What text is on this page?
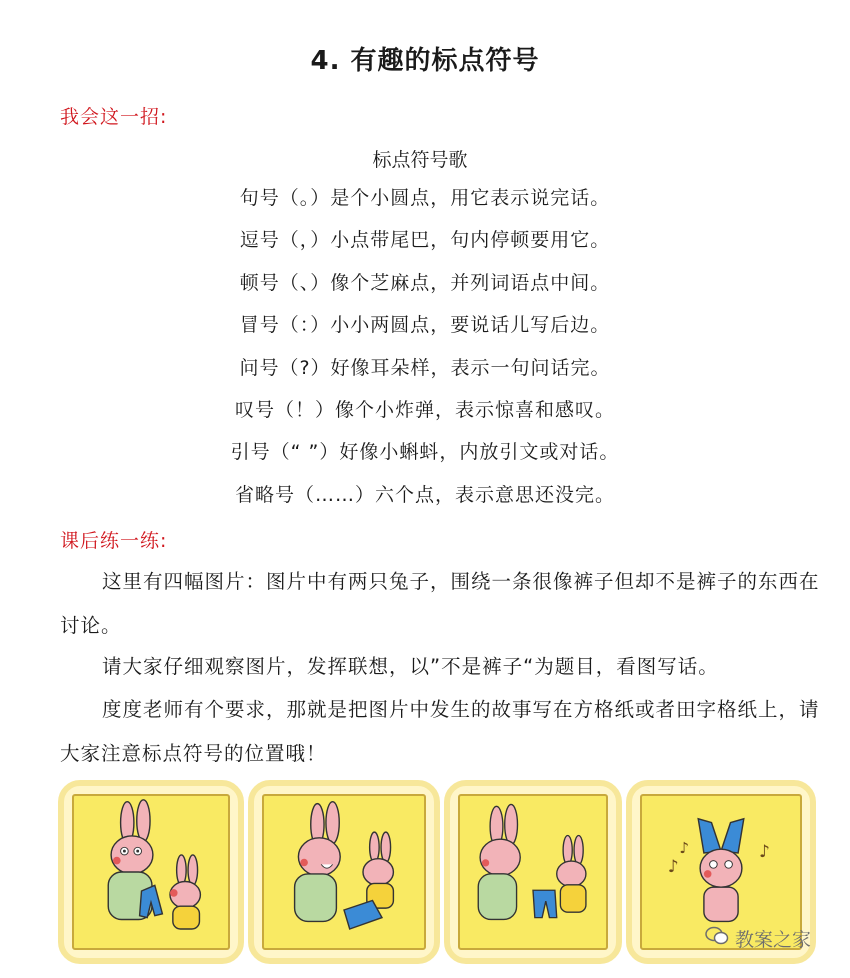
4. 有趣的标点符号
我会这一招:
标点符号歌
句号（。）是个小圆点，用它表示说完话。
逗号（，）小点带尾巴，句内停顿要用它。
顿号（、）像个芝麻点，并列词语点中间。
冒号（：）小小两圆点，要说话儿写后边。
问号（?）好像耳朵样，表示一句问话完。
叹号（！）像个小炸弹，表示惊喜和感叹。
引号（“ ”）好像小蝌蚪，内放引文或对话。
省略号（……）六个点，表示意思还没完。
课后练一练:
这里有四幅图片：图片中有两只兔子，围绕一条很像裤子但却不是裤子的东西在讨论。
请大家仔细观察图片，发挥联想，以”不是裤子“为题目，看图写话。
度度老师有个要求，那就是把图片中发生的故事写在方格纸或者田字格纸上，请大家注意标点符号的位置哦！
♪
♪	♪
教案之家
